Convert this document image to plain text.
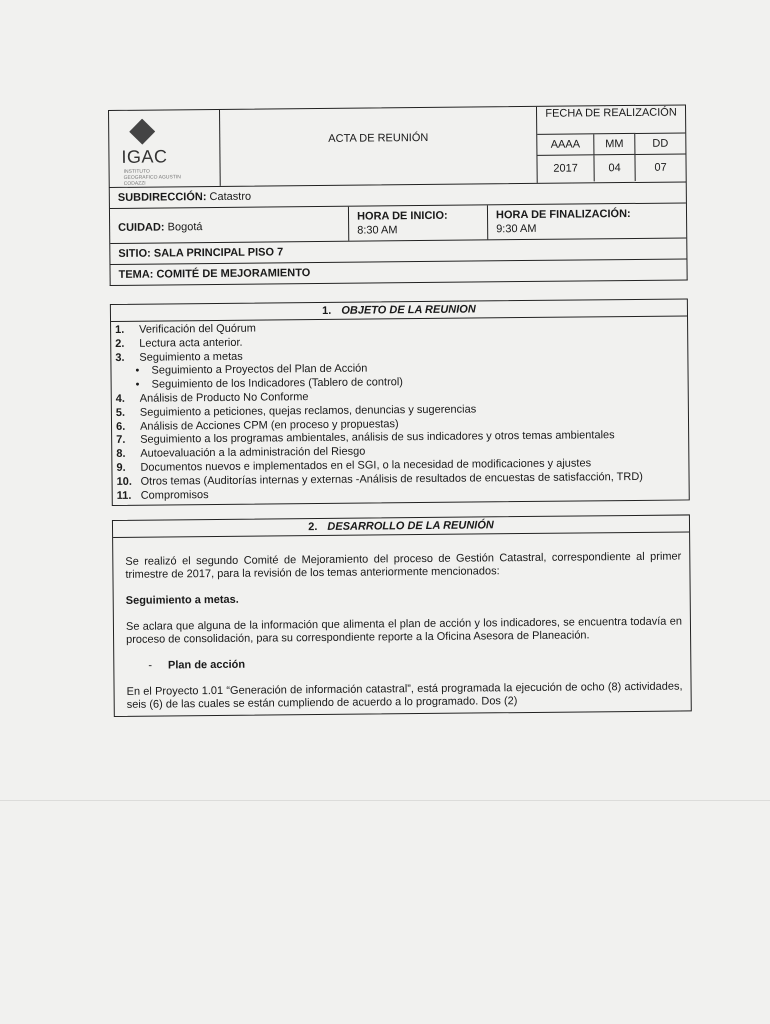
IGAC
INSTITUTO GEOGRAFICO AGUSTIN CODAZZI
ACTA DE REUNIÓN
FECHA DE REALIZACIÓN
AAAA	MM	DD
2017	04	07
SUBDIRECCIÓN: Catastro
CUIDAD: Bogotá
HORA DE INICIO:
8:30 AM
HORA DE FINALIZACIÓN:
9:30 AM
SITIO: SALA PRINCIPAL PISO 7
TEMA: COMITÉ DE MEJORAMIENTO
1. OBJETO DE LA REUNION
1.	Verificación del Quórum
2.	Lectura acta anterior.
3.	Seguimiento a metas
•	Seguimiento a Proyectos del Plan de Acción
•	Seguimiento de los Indicadores (Tablero de control)
4.	Análisis de Producto No Conforme
5.	Seguimiento a peticiones, quejas reclamos, denuncias y sugerencias
6.	Análisis de Acciones CPM (en proceso y propuestas)
7.	Seguimiento a los programas ambientales, análisis de sus indicadores y otros temas ambientales
8.	Autoevaluación a la administración del Riesgo
9.	Documentos nuevos e implementados en el SGI, o la necesidad de modificaciones y ajustes
10. Otros temas (Auditorías internas y externas -Análisis de resultados de encuestas de satisfacción, TRD)
11. Compromisos
2. DESARROLLO DE LA REUNIÓN

Se realizó el segundo Comité de Mejoramiento del proceso de Gestión Catastral, correspondiente al primer trimestre de 2017, para la revisión de los temas anteriormente mencionados:

Seguimiento a metas.

Se aclara que alguna de la información que alimenta el plan de acción y los indicadores, se encuentra todavía en proceso de consolidación, para su correspondiente reporte a la Oficina Asesora de Planeación.

- Plan de acción

En el Proyecto 1.01 “Generación de información catastral”, está programada la ejecución de ocho (8) actividades, seis (6) de las cuales se están cumpliendo de acuerdo a lo programado. Dos (2)
